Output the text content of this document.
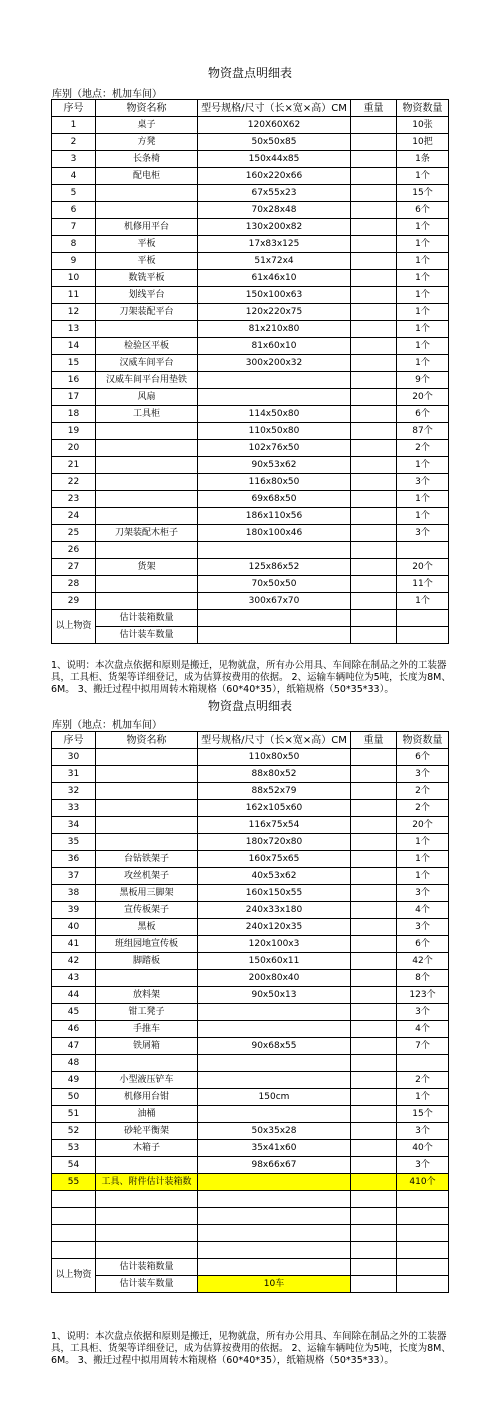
物资盘点明细表
库别（地点：机加车间）
序号	物资名称	型号规格/尺寸（长×宽×高）CM	重量	物资数量
1	桌子	120X60X62		10张
2	方凳	50x50x85		10把
3	长条椅	150x44x85		1条
4	配电柜	160x220x66		1个
5		67x55x23		15个
6		70x28x48		6个
7	机修用平台	130x200x82		1个
8	平板	17x83x125		1个
9	平板	51x72x4		1个
10	数铣平板	61x46x10		1个
11	划线平台	150x100x63		1个
12	刀架装配平台	120x220x75		1个
13		81x210x80		1个
14	检验区平板	81x60x10		1个
15	汉威车间平台	300x200x32		1个
16	汉威车间平台用垫铁			9个
17	风扇			20个
18	工具柜	114x50x80		6个
19		110x50x80		87个
20		102x76x50		2个
21		90x53x62		1个
22		116x80x50		3个
23		69x68x50		1个
24		186x110x56		1个
25	刀架装配木柜子	180x100x46		3个
26				
27	货架	125x86x52		20个
28		70x50x50		11个
29		300x67x70		1个
以上物资	估计装箱数量			
	估计装车数量			
1、说明：本次盘点依据和原则是搬迁，见物就盘，所有办公用具、车间除在制品之外的工装器具，工具柜、货架等详细登记，成为估算按费用的依据。 2、运输车辆吨位为5吨，长度为8M、6M。 3、搬迁过程中拟用周转木箱规格（60*40*35），纸箱规格（50*35*33）。
物资盘点明细表
库别（地点：机加车间）
序号	物资名称	型号规格/尺寸（长×宽×高）CM	重量	物资数量
30		110x80x50		6个
31		88x80x52		3个
32		88x52x79		2个
33		162x105x60		2个
34		116x75x54		20个
35		180x720x80		1个
36	台钻铁架子	160x75x65		1个
37	攻丝机架子	40x53x62		1个
38	黑板用三脚架	160x150x55		3个
39	宣传板架子	240x33x180		4个
40	黑板	240x120x35		3个
41	班组园地宣传板	120x100x3		6个
42	脚踏板	150x60x11		42个
43		200x80x40		8个
44	放料架	90x50x13		123个
45	钳工凳子			3个
46	手推车			4个
47	铁屑箱	90x68x55		7个
48				
49	小型液压铲车			2个
50	机修用台钳	150cm		1个
51	油桶			15个
52	砂轮平衡架	50x35x28		3个
53	木箱子	35x41x60		40个
54		98x66x67		3个
55	工具、附件估计装箱数			410个

以上物资	估计装箱数量			
	估计装车数量	10车		
1、说明：本次盘点依据和原则是搬迁，见物就盘，所有办公用具、车间除在制品之外的工装器具，工具柜、货架等详细登记，成为估算按费用的依据。 2、运输车辆吨位为5吨，长度为8M、6M。 3、搬迁过程中拟用周转木箱规格（60*40*35），纸箱规格（50*35*33）。
